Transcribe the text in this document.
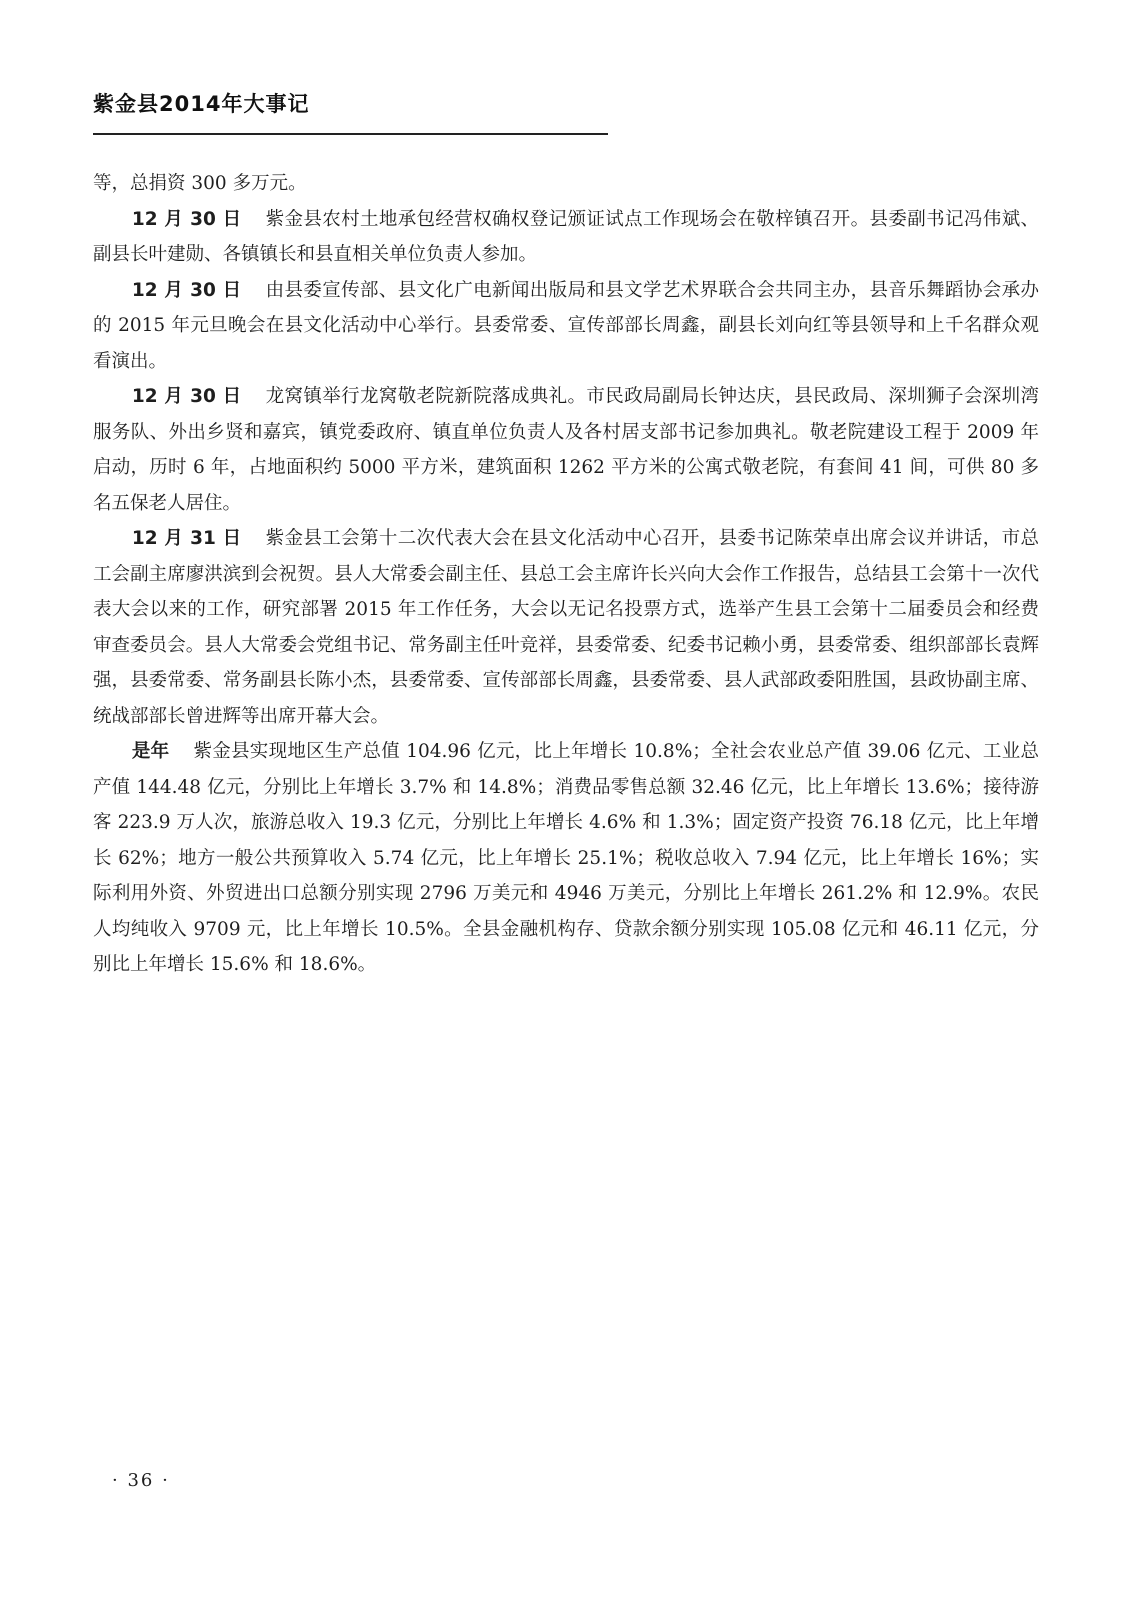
紫金县2014年大事记

等，总捐资 300 多万元。

12 月 30 日 紫金县农村土地承包经营权确权登记颁证试点工作现场会在敬梓镇召开。县委副书记冯伟斌、副县长叶建勋、各镇镇长和县直相关单位负责人参加。

12 月 30 日 由县委宣传部、县文化广电新闻出版局和县文学艺术界联合会共同主办，县音乐舞蹈协会承办的 2015 年元旦晚会在县文化活动中心举行。县委常委、宣传部部长周鑫，副县长刘向红等县领导和上千名群众观看演出。

12 月 30 日 龙窝镇举行龙窝敬老院新院落成典礼。市民政局副局长钟达庆，县民政局、深圳狮子会深圳湾服务队、外出乡贤和嘉宾，镇党委政府、镇直单位负责人及各村居支部书记参加典礼。敬老院建设工程于 2009 年启动，历时 6 年，占地面积约 5000 平方米，建筑面积 1262 平方米的公寓式敬老院，有套间 41 间，可供 80 多名五保老人居住。

12 月 31 日 紫金县工会第十二次代表大会在县文化活动中心召开，县委书记陈荣卓出席会议并讲话，市总工会副主席廖洪滨到会祝贺。县人大常委会副主任、县总工会主席许长兴向大会作工作报告，总结县工会第十一次代表大会以来的工作，研究部署 2015 年工作任务，大会以无记名投票方式，选举产生县工会第十二届委员会和经费审查委员会。县人大常委会党组书记、常务副主任叶竞祥，县委常委、纪委书记赖小勇，县委常委、组织部部长袁辉强，县委常委、常务副县长陈小杰，县委常委、宣传部部长周鑫，县委常委、县人武部政委阳胜国，县政协副主席、统战部部长曾进辉等出席开幕大会。

是年 紫金县实现地区生产总值 104.96 亿元，比上年增长 10.8%；全社会农业总产值 39.06 亿元、工业总产值 144.48 亿元，分别比上年增长 3.7% 和 14.8%；消费品零售总额 32.46 亿元，比上年增长 13.6%；接待游客 223.9 万人次，旅游总收入 19.3 亿元，分别比上年增长 4.6% 和 1.3%；固定资产投资 76.18 亿元，比上年增长 62%；地方一般公共预算收入 5.74 亿元，比上年增长 25.1%；税收总收入 7.94 亿元，比上年增长 16%；实际利用外资、外贸进出口总额分别实现 2796 万美元和 4946 万美元，分别比上年增长 261.2% 和 12.9%。农民人均纯收入 9709 元，比上年增长 10.5%。全县金融机构存、贷款余额分别实现 105.08 亿元和 46.11 亿元，分别比上年增长 15.6% 和 18.6%。

· 36 ·
